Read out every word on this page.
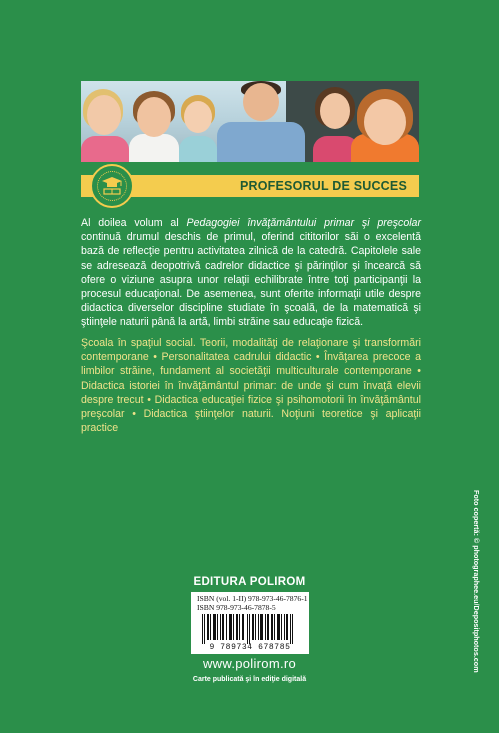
PROFESORUL DE SUCCES
Al doilea volum al Pedagogiei învăţământului primar şi preşcolar continuă drumul deschis de primul, oferind cititorilor săi o excelentă bază de reflecţie pentru activitatea zilnică de la catedră. Capitolele sale se adresează deopotrivă cadrelor didactice şi părinţilor şi încearcă să ofere o viziune asupra unor relaţii echilibrate între toţi participanţii la procesul educaţional. De asemenea, sunt oferite informaţii utile despre didactica diverselor discipline studiate în şcoală, de la matematică şi ştiinţele naturii până la artă, limbi străine sau educaţie fizică.
Şcoala în spaţiul social. Teorii, modalităţi de relaţionare şi transformări contemporane • Personalitatea cadrului didactic • Învăţarea precoce a limbilor străine, fundament al societăţii multiculturale contemporane • Didactica istoriei în învăţământul primar: de unde şi cum învaţă elevii despre trecut • Didactica educaţiei fizice şi psihomotorii în învăţământul preşcolar • Didactica ştiinţelor naturii. Noţiuni teoretice şi aplicaţii practice
EDITURA POLIROM
ISBN (vol. 1-II) 978-973-46-7876-1
ISBN 978-973-46-7878-5
9 789734 678785
www.polirom.ro
Carte publicată şi în ediţie digitală
Foto copertă: © photographee.eu/Depositphotos.com
